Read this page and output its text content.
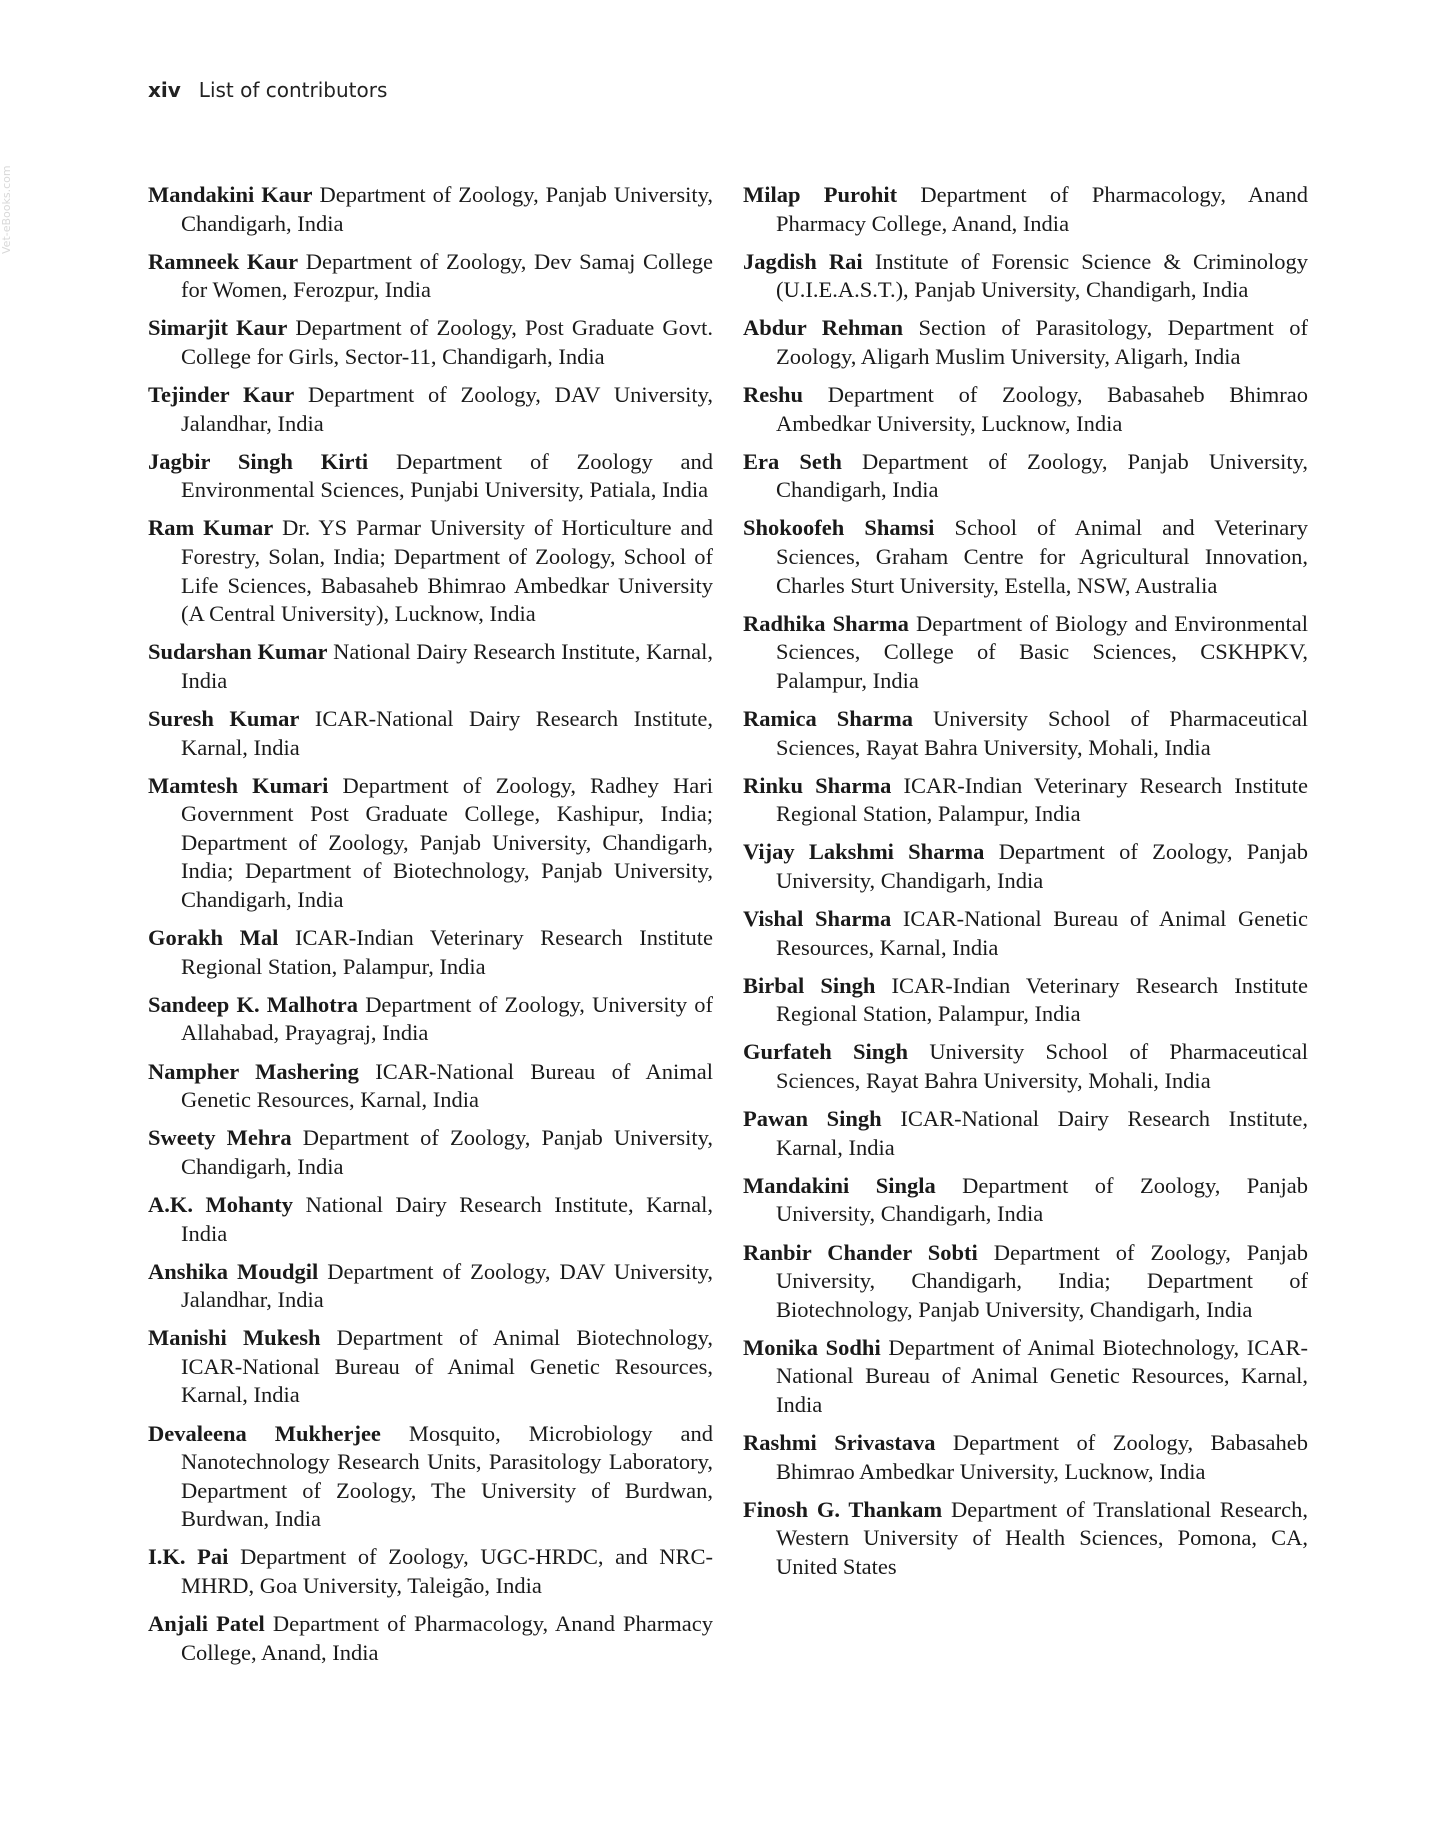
xiv List of contributors
Vet-eBooks.com	Mandakini Kaur Department of Zoology, Panjab University, Chandigarh, India

Ramneek Kaur Department of Zoology, Dev Samaj College for Women, Ferozpur, India

Simarjit Kaur Department of Zoology, Post Graduate Govt. College for Girls, Sector-11, Chandigarh, India

Tejinder Kaur Department of Zoology, DAV University, Jalandhar, India

Jagbir Singh Kirti Department of Zoology and Environmental Sciences, Punjabi University, Patiala, India

Ram Kumar Dr. YS Parmar University of Horticulture and Forestry, Solan, India; Department of Zoology, School of Life Sciences, Babasaheb Bhimrao Ambedkar University (A Central University), Lucknow, India

Sudarshan Kumar National Dairy Research Institute, Karnal, India

Suresh Kumar ICAR-National Dairy Research Institute, Karnal, India

Mamtesh Kumari Department of Zoology, Radhey Hari Government Post Graduate College, Kashipur, India; Department of Zoology, Panjab University, Chandigarh, India; Department of Biotechnology, Panjab University, Chandigarh, India

Gorakh Mal ICAR-Indian Veterinary Research Institute Regional Station, Palampur, India

Sandeep K. Malhotra Department of Zoology, University of Allahabad, Prayagraj, India

Nampher Mashering ICAR-National Bureau of Animal Genetic Resources, Karnal, India

Sweety Mehra Department of Zoology, Panjab University, Chandigarh, India

A.K. Mohanty National Dairy Research Institute, Karnal, India

Anshika Moudgil Department of Zoology, DAV University, Jalandhar, India

Manishi Mukesh Department of Animal Biotechnology, ICAR-National Bureau of Animal Genetic Resources, Karnal, India

Devaleena Mukherjee Mosquito, Microbiology and Nanotechnology Research Units, Parasitology Laboratory, Department of Zoology, The University of Burdwan, Burdwan, India

I.K. Pai Department of Zoology, UGC-HRDC, and NRC-MHRD, Goa University, Taleigão, India

Anjali Patel Department of Pharmacology, Anand Pharmacy College, Anand, India

Milap Purohit Department of Pharmacology, Anand Pharmacy College, Anand, India

Jagdish Rai Institute of Forensic Science & Criminology (U.I.E.A.S.T.), Panjab University, Chandigarh, India

Abdur Rehman Section of Parasitology, Department of Zoology, Aligarh Muslim University, Aligarh, India

Reshu Department of Zoology, Babasaheb Bhimrao Ambedkar University, Lucknow, India

Era Seth Department of Zoology, Panjab University, Chandigarh, India

Shokoofeh Shamsi School of Animal and Veterinary Sciences, Graham Centre for Agricultural Innovation, Charles Sturt University, Estella, NSW, Australia

Radhika Sharma Department of Biology and Environmental Sciences, College of Basic Sciences, CSKHPKV, Palampur, India

Ramica Sharma University School of Pharmaceutical Sciences, Rayat Bahra University, Mohali, India

Rinku Sharma ICAR-Indian Veterinary Research Institute Regional Station, Palampur, India

Vijay Lakshmi Sharma Department of Zoology, Panjab University, Chandigarh, India

Vishal Sharma ICAR-National Bureau of Animal Genetic Resources, Karnal, India

Birbal Singh ICAR-Indian Veterinary Research Institute Regional Station, Palampur, India

Gurfateh Singh University School of Pharmaceutical Sciences, Rayat Bahra University, Mohali, India

Pawan Singh ICAR-National Dairy Research Institute, Karnal, India

Mandakini Singla Department of Zoology, Panjab University, Chandigarh, India

Ranbir Chander Sobti Department of Zoology, Panjab University, Chandigarh, India; Department of Biotechnology, Panjab University, Chandigarh, India

Monika Sodhi Department of Animal Biotechnology, ICAR-National Bureau of Animal Genetic Resources, Karnal, India

Rashmi Srivastava Department of Zoology, Babasaheb Bhimrao Ambedkar University, Lucknow, India

Finosh G. Thankam Department of Translational Research, Western University of Health Sciences, Pomona, CA, United States
